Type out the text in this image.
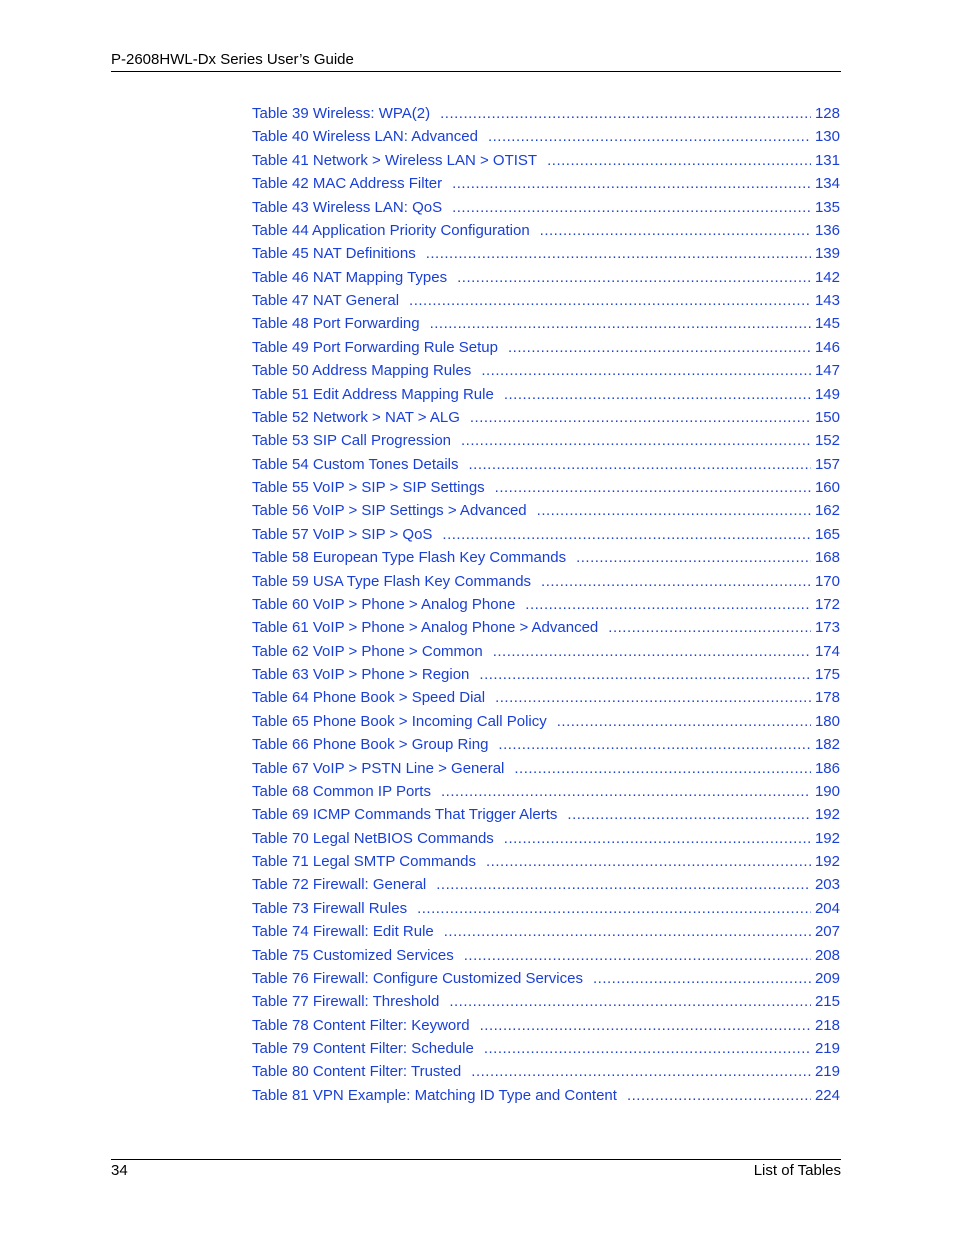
P-2608HWL-Dx Series User’s Guide
Table 39 Wireless: WPA(2) .....	128
Table 40 Wireless LAN: Advanced .....	130
Table 41 Network > Wireless LAN > OTIST .....	131
Table 42 MAC Address Filter .....	134
Table 43 Wireless LAN: QoS .....	135
Table 44 Application Priority Configuration .....	136
Table 45 NAT Definitions .....	139
Table 46 NAT Mapping Types .....	142
Table 47 NAT General .....	143
Table 48 Port Forwarding .....	145
Table 49 Port Forwarding Rule Setup .....	146
Table 50 Address Mapping Rules .....	147
Table 51 Edit Address Mapping Rule .....	149
Table 52 Network > NAT > ALG .....	150
Table 53 SIP Call Progression .....	152
Table 54 Custom Tones Details .....	157
Table 55 VoIP > SIP > SIP Settings .....	160
Table 56 VoIP > SIP Settings > Advanced .....	162
Table 57 VoIP > SIP > QoS .....	165
Table 58 European Type Flash Key Commands .....	168
Table 59 USA Type Flash Key Commands .....	170
Table 60 VoIP > Phone > Analog Phone .....	172
Table 61 VoIP > Phone > Analog Phone > Advanced .....	173
Table 62 VoIP > Phone > Common .....	174
Table 63 VoIP > Phone > Region .....	175
Table 64 Phone Book > Speed Dial .....	178
Table 65 Phone Book > Incoming Call Policy .....	180
Table 66 Phone Book > Group Ring .....	182
Table 67 VoIP > PSTN Line > General .....	186
Table 68 Common IP Ports .....	190
Table 69 ICMP Commands That Trigger Alerts .....	192
Table 70 Legal NetBIOS Commands .....	192
Table 71 Legal SMTP Commands .....	192
Table 72 Firewall: General .....	203
Table 73 Firewall Rules .....	204
Table 74 Firewall: Edit Rule .....	207
Table 75 Customized Services .....	208
Table 76 Firewall: Configure Customized Services .....	209
Table 77 Firewall: Threshold .....	215
Table 78 Content Filter: Keyword .....	218
Table 79 Content Filter: Schedule .....	219
Table 80 Content Filter: Trusted .....	219
Table 81 VPN Example: Matching ID Type and Content .....	224
34	List of Tables
